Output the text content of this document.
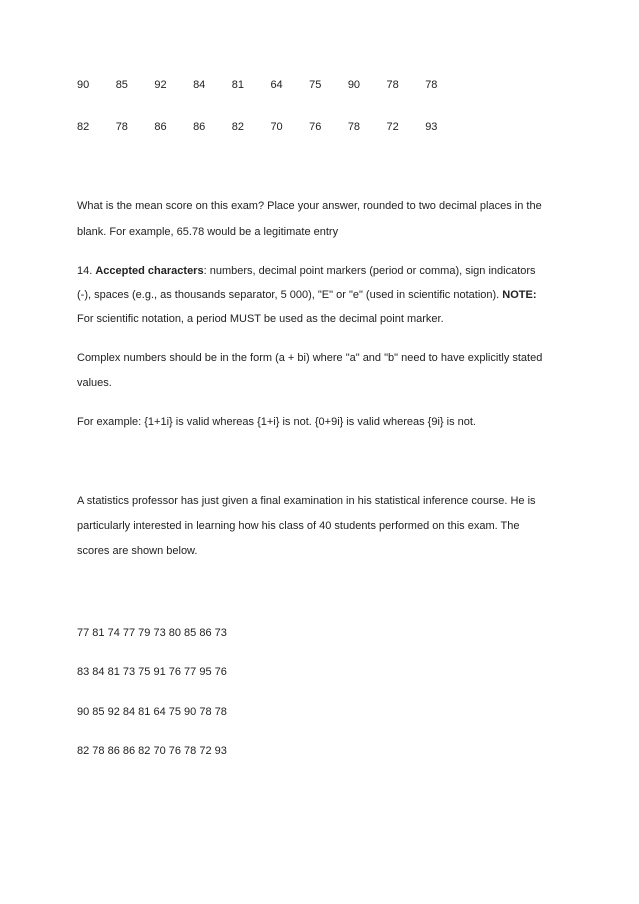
90	85	92	84	81	64	75	90	78	78
82	78	86	86	82	70	76	78	72	93
What is the mean score on this exam? Place your answer, rounded to two decimal places in the
blank. For example, 65.78 would be a legitimate entry
14. Accepted characters: numbers, decimal point markers (period or comma), sign indicators
(-), spaces (e.g., as thousands separator, 5 000), "E" or "e" (used in scientific notation). NOTE:
For scientific notation, a period MUST be used as the decimal point marker.
Complex numbers should be in the form (a + bi) where "a" and "b" need to have explicitly stated
values.
For example: {1+1i} is valid whereas {1+i} is not. {0+9i} is valid whereas {9i} is not.
A statistics professor has just given a final examination in his statistical inference course. He is
particularly interested in learning how his class of 40 students performed on this exam. The
scores are shown below.
77 81 74 77 79 73 80 85 86 73
83 84 81 73 75 91 76 77 95 76
90 85 92 84 81 64 75 90 78 78
82 78 86 86 82 70 76 78 72 93
